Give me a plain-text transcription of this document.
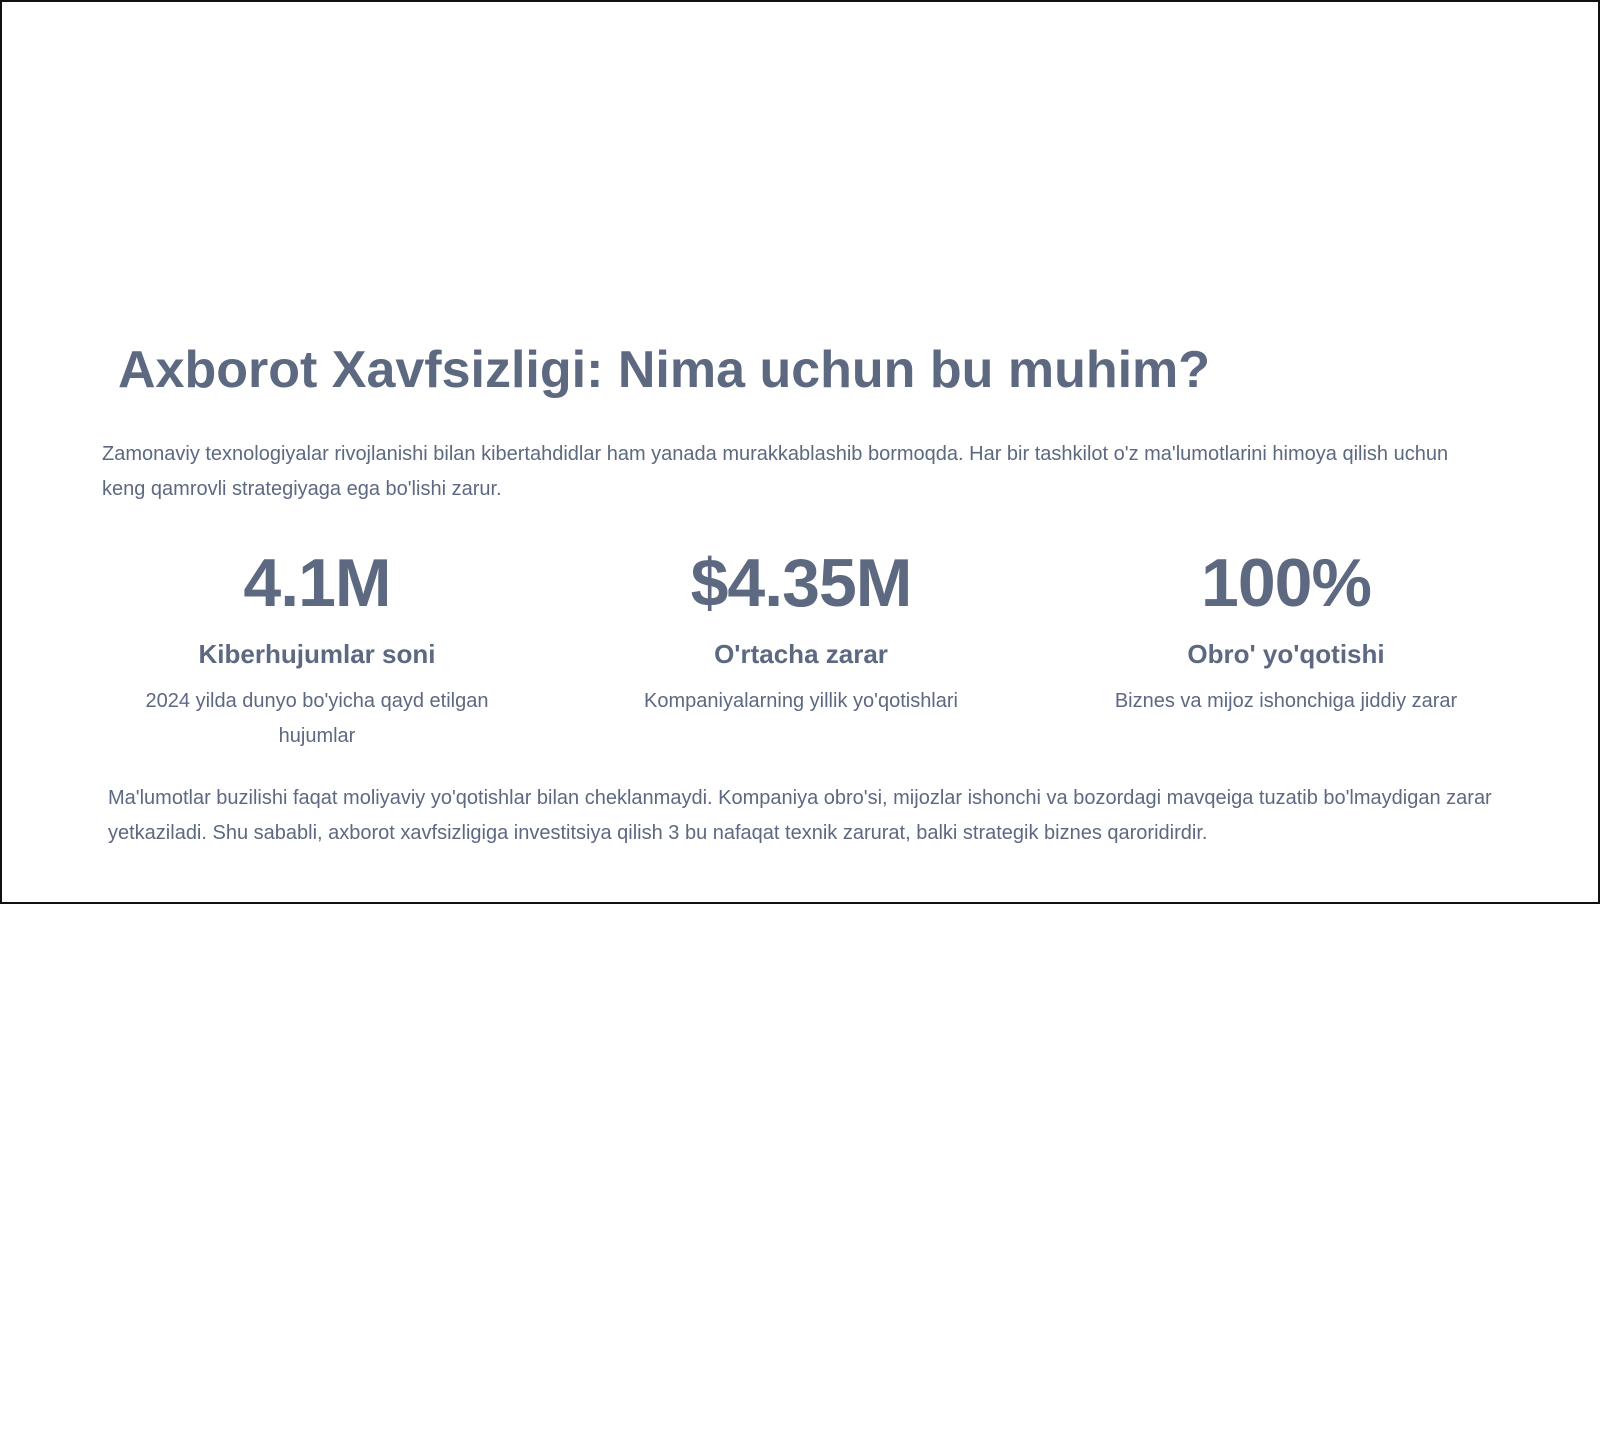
Axborot Xavfsizligi: Nima uchun bu muhim?

Zamonaviy texnologiyalar rivojlanishi bilan kibertahdidlar ham yanada murakkablashib bormoqda. Har bir tashkilot o'z ma'lumotlarini himoya qilish uchun keng qamrovli strategiyaga ega bo'lishi zarur.

4.1M
Kiberhujumlar soni
2024 yilda dunyo bo'yicha qayd etilgan hujumlar
$4.35M
O'rtacha zarar
Kompaniyalarning yillik yo'qotishlari
100%
Obro' yo'qotishi
Biznes va mijoz ishonchiga jiddiy zarar

Ma'lumotlar buzilishi faqat moliyaviy yo'qotishlar bilan cheklanmaydi. Kompaniya obro'si, mijozlar ishonchi va bozordagi mavqeiga tuzatib bo'lmaydigan zarar yetkaziladi. Shu sababli, axborot xavfsizligiga investitsiya qilish 3 bu nafaqat texnik zarurat, balki strategik biznes qaroridirdir.
